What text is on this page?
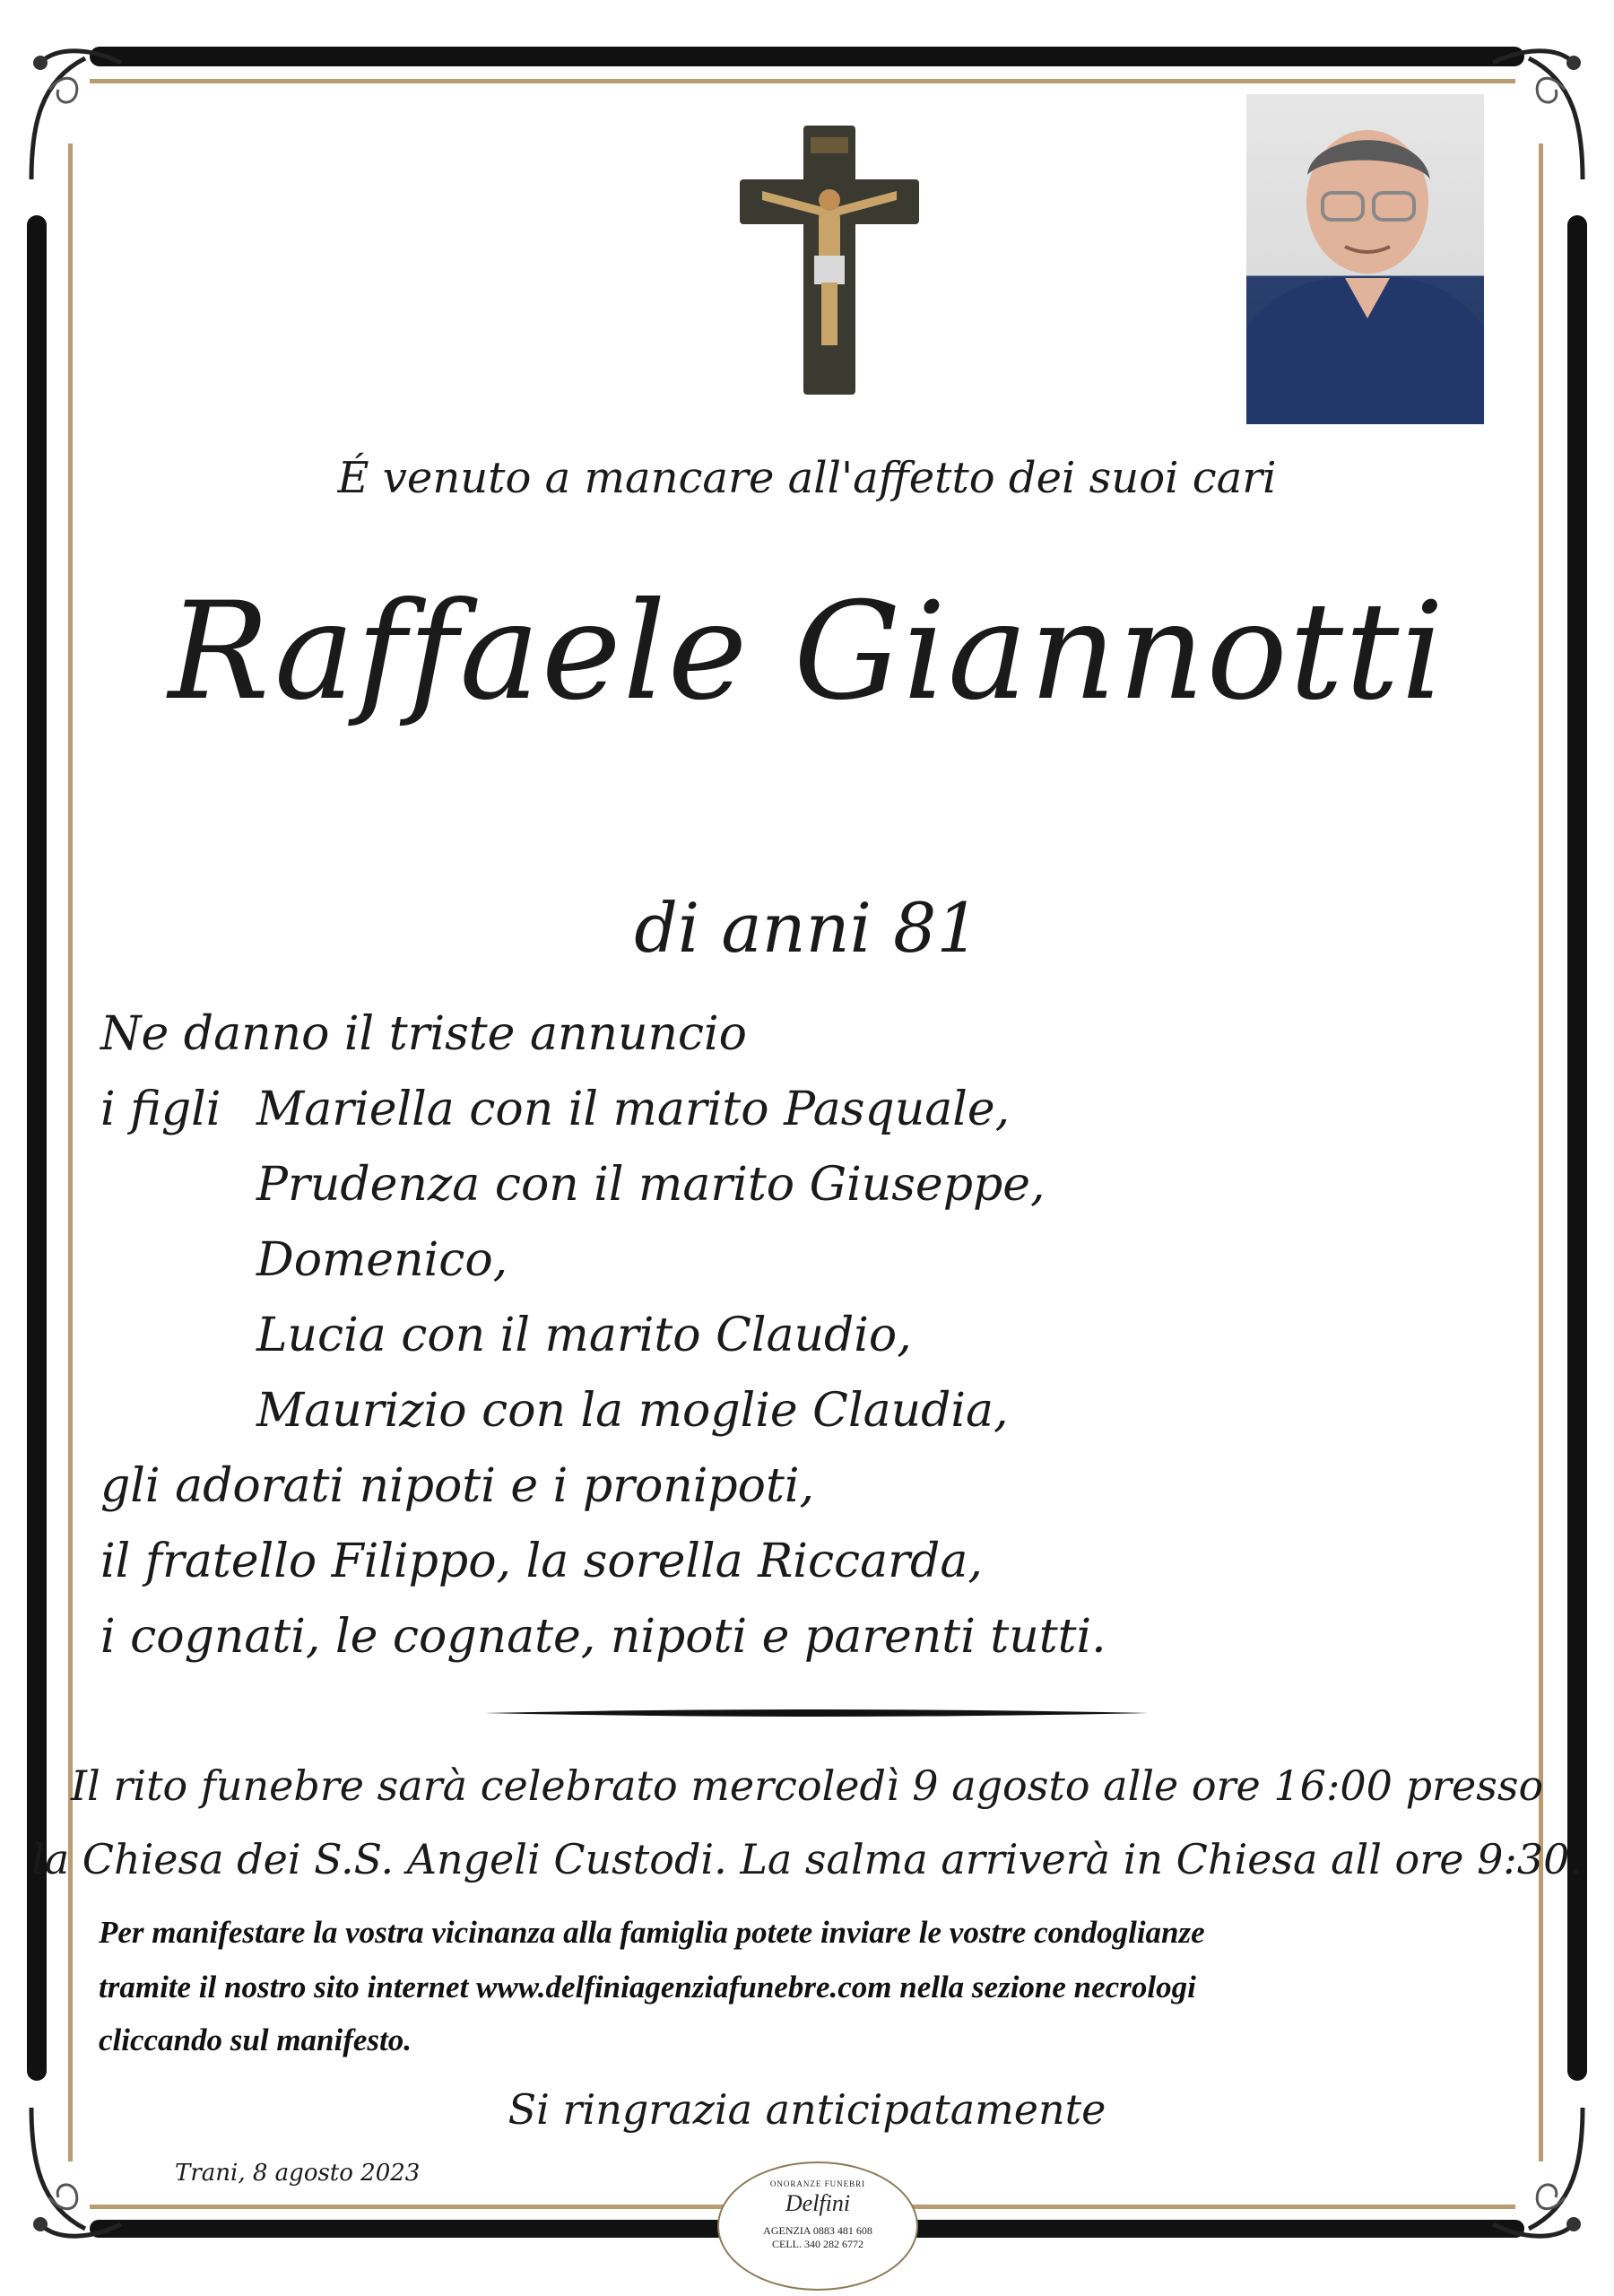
É venuto a mancare all'affetto dei suoi cari
Raffaele Giannotti
di anni 81
Ne danno il triste annuncio
i figli Mariella con il marito Pasquale,
Prudenza con il marito Giuseppe,
Domenico,
Lucia con il marito Claudio,
Maurizio con la moglie Claudia,
gli adorati nipoti e i pronipoti,
il fratello Filippo, la sorella Riccarda,
i cognati, le cognate, nipoti e parenti tutti.
Il rito funebre sarà celebrato mercoledì 9 agosto alle ore 16:00 presso
la Chiesa dei S.S. Angeli Custodi. La salma arriverà in Chiesa all ore 9:30.
Per manifestare la vostra vicinanza alla famiglia potete inviare le vostre condoglianze
tramite il nostro sito internet www.delfiniagenziafunebre.com nella sezione necrologi
cliccando sul manifesto.
Si ringrazia anticipatamente
Trani, 8 agosto 2023	ONORANZE FUNEBRI
Delfini
AGENZIA 0883 481 608
CELL. 340 282 6772
